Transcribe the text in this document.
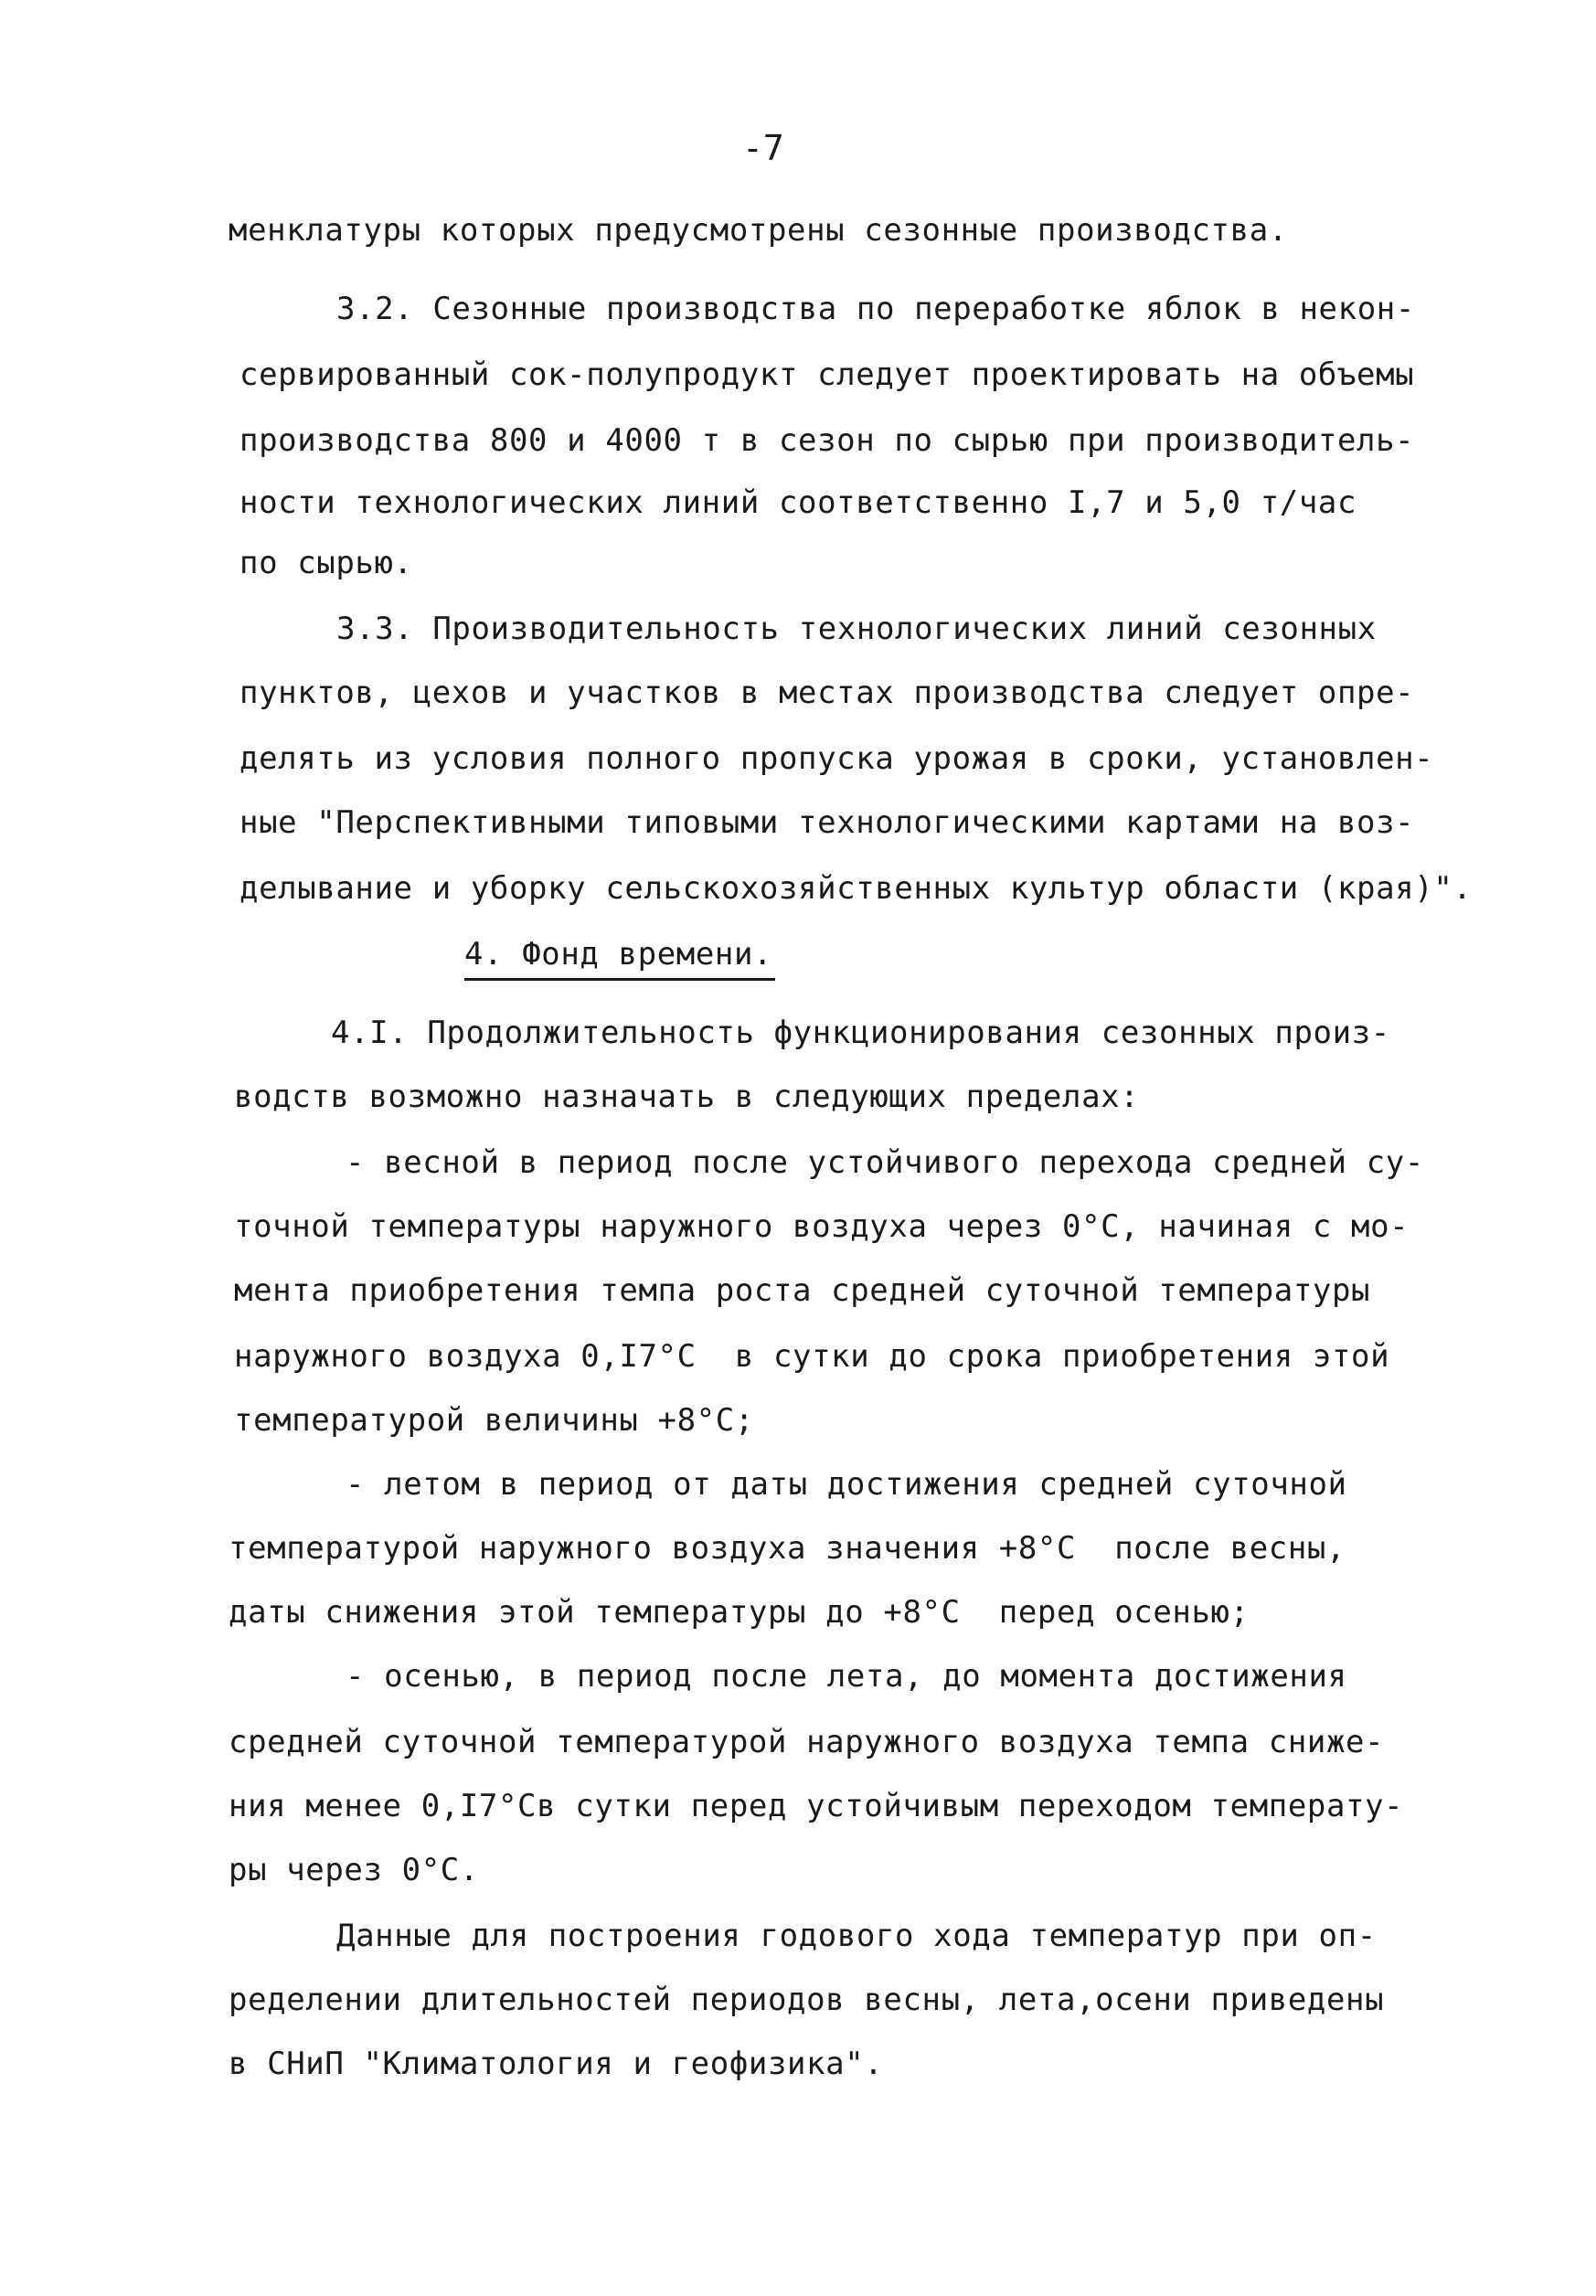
-7
менклатуры которых предусмотрены сезонные производства.
3.2. Сезонные производства по переработке яблок в некон-
сервированный сок-полупродукт следует проектировать на объемы
производства 800 и 4000 т в сезон по сырью при производитель-
ности технологических линий соответственно I,7 и 5,0 т/час
по сырью.
3.3. Производительность технологических линий сезонных
пунктов, цехов и участков в местах производства следует опре-
делять из условия полного пропуска урожая в сроки, установлен-
ные "Перспективными типовыми технологическими картами на воз-
делывание и уборку сельскохозяйственных культур области (края)".
4. Фонд времени.
4.I. Продолжительность функционирования сезонных произ-
водств возможно назначать в следующих пределах:
- весной в период после устойчивого перехода средней су-
точной температуры наружного воздуха через 0°С, начиная с мо-
мента приобретения темпа роста средней суточной температуры
наружного воздуха 0,I7°С  в сутки до срока приобретения этой
температурой величины +8°С;
- летом в период от даты достижения средней суточной
температурой наружного воздуха значения +8°С  после весны,
даты снижения этой температуры до +8°С  перед осенью;
- осенью, в период после лета, до момента достижения
средней суточной температурой наружного воздуха темпа сниже-
ния менее 0,I7°Св сутки перед устойчивым переходом температу-
ры через 0°С.
Данные для построения годового хода температур при оп-
ределении длительностей периодов весны, лета,осени приведены
в СНиП "Климатология и геофизика".
